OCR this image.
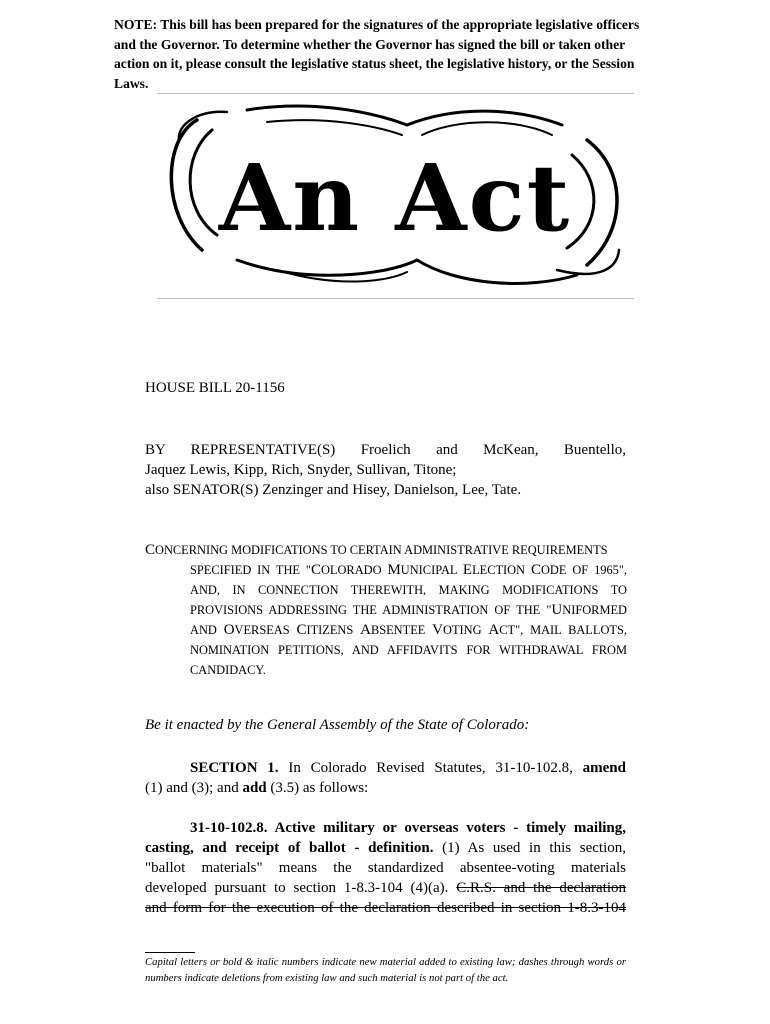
NOTE: This bill has been prepared for the signatures of the appropriate legislative officers and the Governor. To determine whether the Governor has signed the bill or taken other action on it, please consult the legislative status sheet, the legislative history, or the Session Laws.
An Act
HOUSE BILL 20-1156
BY REPRESENTATIVE(S) Froelich and McKean, Buentello,
Jaquez Lewis, Kipp, Rich, Snyder, Sullivan, Titone;
also SENATOR(S) Zenzinger and Hisey, Danielson, Lee, Tate.
CONCERNING MODIFICATIONS TO CERTAIN ADMINISTRATIVE REQUIREMENTS
SPECIFIED IN THE "COLORADO MUNICIPAL ELECTION CODE OF 1965",
AND, IN CONNECTION THEREWITH, MAKING MODIFICATIONS TO
PROVISIONS ADDRESSING THE ADMINISTRATION OF THE "UNIFORMED
AND OVERSEAS CITIZENS ABSENTEE VOTING ACT", MAIL BALLOTS,
NOMINATION PETITIONS, AND AFFIDAVITS FOR WITHDRAWAL FROM
CANDIDACY.
Be it enacted by the General Assembly of the State of Colorado:
SECTION 1. In Colorado Revised Statutes, 31-10-102.8, amend
(1) and (3); and add (3.5) as follows:
31-10-102.8. Active military or overseas voters - timely mailing,
casting, and receipt of ballot - definition. (1) As used in this section,
"ballot materials" means the standardized absentee-voting materials
developed pursuant to section 1-8.3-104 (4)(a). C.R.S. and the declaration
and form for the execution of the declaration described in section 1-8.3-104
Capital letters or bold & italic numbers indicate new material added to existing law; dashes through words or numbers indicate deletions from existing law and such material is not part of the act.
